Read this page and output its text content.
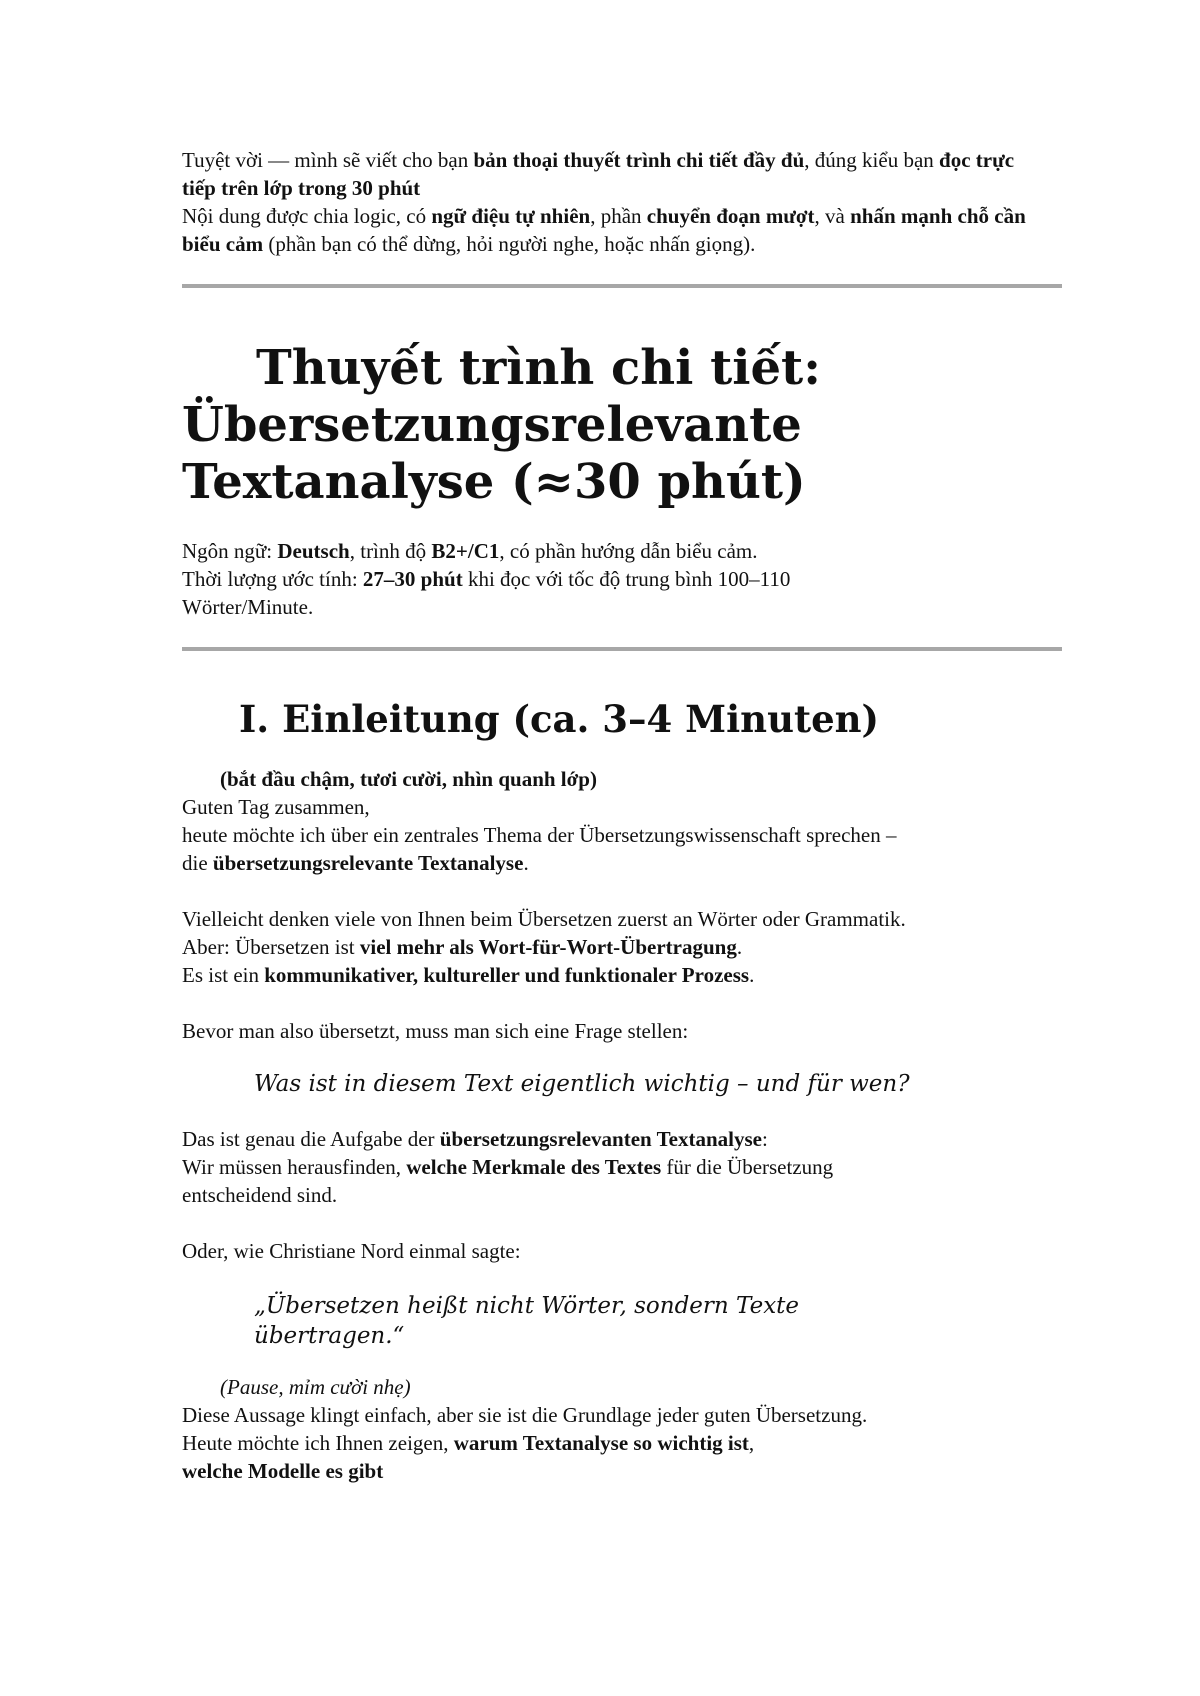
Tuyệt vời — mình sẽ viết cho bạn bản thoại thuyết trình chi tiết đầy đủ, đúng kiểu bạn đọc trực tiếp trên lớp trong 30 phút

Nội dung được chia logic, có ngữ điệu tự nhiên, phần chuyển đoạn mượt, và nhấn mạnh chỗ cần biểu cảm (phần bạn có thể dừng, hỏi người nghe, hoặc nhấn giọng).

Thuyết trình chi tiết:

Übersetzungsrelevante

Textanalyse (≈30 phút)

Ngôn ngữ: Deutsch, trình độ B2+/C1, có phần hướng dẫn biểu cảm.

Thời lượng ước tính: 27–30 phút khi đọc với tốc độ trung bình 100–110 Wörter/Minute.

I. Einleitung (ca. 3–4 Minuten)

(bắt đầu chậm, tươi cười, nhìn quanh lớp)

Guten Tag zusammen,

heute möchte ich über ein zentrales Thema der Übersetzungswissenschaft sprechen –

die übersetzungsrelevante Textanalyse.

Vielleicht denken viele von Ihnen beim Übersetzen zuerst an Wörter oder Grammatik.

Aber: Übersetzen ist viel mehr als Wort-für-Wort-Übertragung.

Es ist ein kommunikativer, kultureller und funktionaler Prozess.

Bevor man also übersetzt, muss man sich eine Frage stellen:

Was ist in diesem Text eigentlich wichtig – und für wen?

Das ist genau die Aufgabe der übersetzungsrelevanten Textanalyse:

Wir müssen herausfinden, welche Merkmale des Textes für die Übersetzung entscheidend sind.

Oder, wie Christiane Nord einmal sagte:

„Übersetzen heißt nicht Wörter, sondern Texte übertragen.“

(Pause, mỉm cười nhẹ)

Diese Aussage klingt einfach, aber sie ist die Grundlage jeder guten Übersetzung.

Heute möchte ich Ihnen zeigen, warum Textanalyse so wichtig ist,

welche Modelle es gibt
